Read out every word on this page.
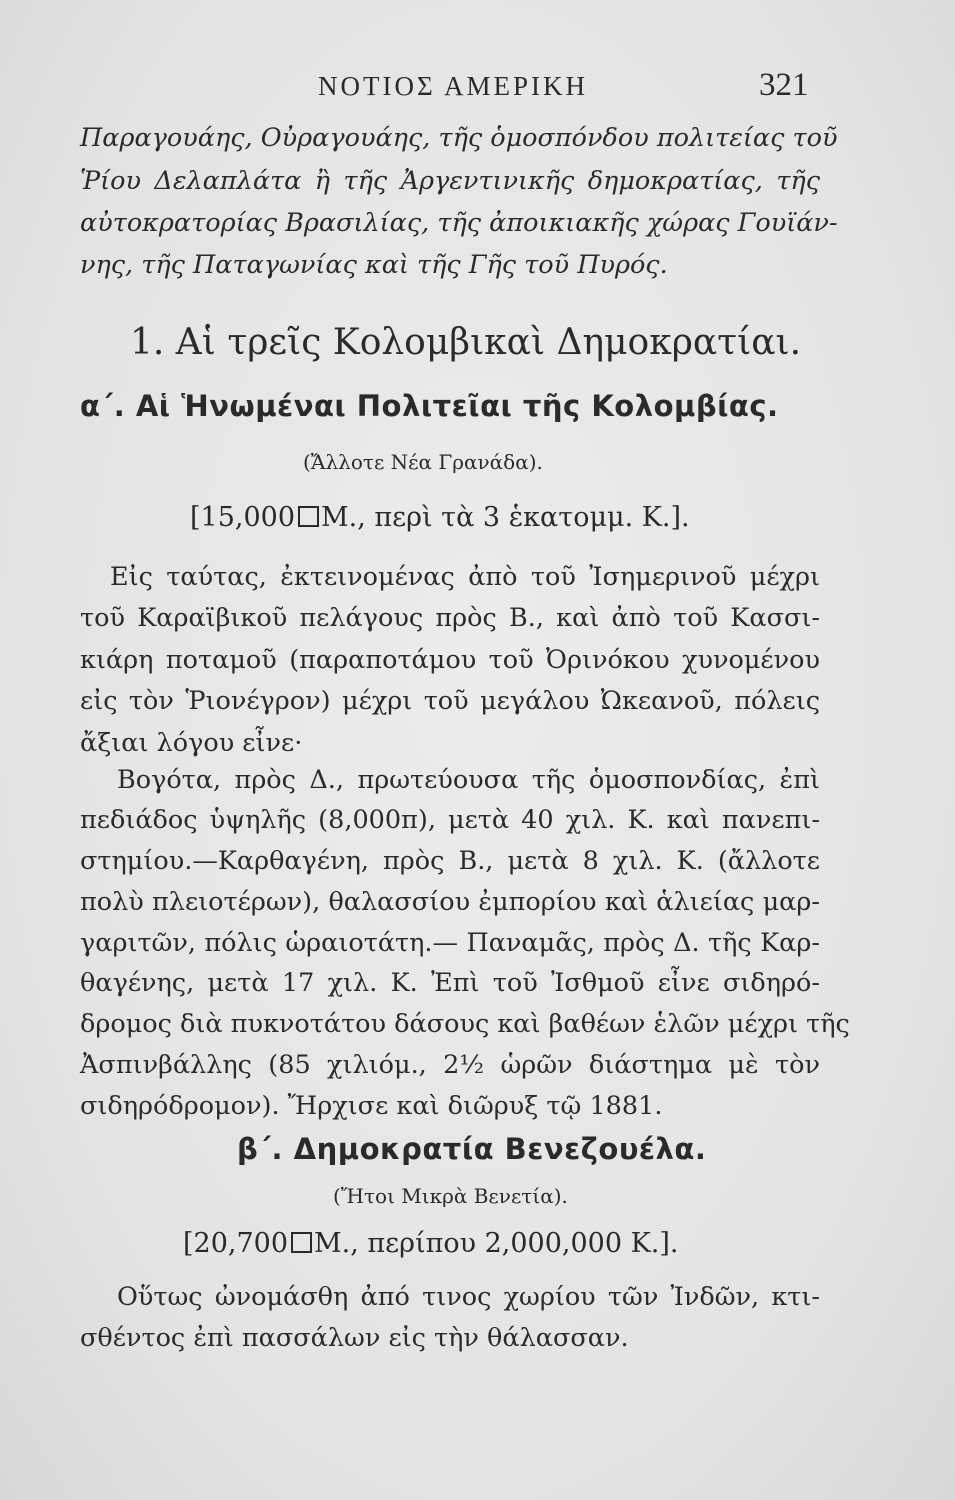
ΝΟΤΙΟΣ ΑΜΕΡΙΚΗ	321
Παραγουάης, Οὐραγουάης, τῆς ὁμοσπόνδου πολιτείας τοῦ
Ῥίου Δελαπλάτα ἢ τῆς Ἀργεντινικῆς δημοκρατίας, τῆς
αὐτοκρατορίας Βρασιλίας, τῆς ἀποικιακῆς χώρας Γουϊάν-
νης, τῆς Παταγωνίας καὶ τῆς Γῆς τοῦ Πυρός.
1. Αἱ τρεῖς Κολομβικαὶ Δημοκρατίαι.
α΄. Αἱ Ἡνωμέναι Πολιτεῖαι τῆς Κολομβίας.
(Ἄλλοτε Νέα Γρανάδα).
[15,000 Μ., περὶ τὰ 3 ἑκατομμ. Κ.].
Εἰς ταύτας, ἐκτεινομένας ἀπὸ τοῦ Ἰσημερινοῦ μέχρι
τοῦ Καραϊβικοῦ πελάγους πρὸς Β., καὶ ἀπὸ τοῦ Κασσι-
κιάρη ποταμοῦ (παραποτάμου τοῦ Ὀρινόκου χυνομένου
εἰς τὸν Ῥιονέγρον) μέχρι τοῦ μεγάλου Ὠκεανοῦ, πόλεις
ἄξιαι λόγου εἶνε·
Βογότα, πρὸς Δ., πρωτεύουσα τῆς ὁμοσπονδίας, ἐπὶ
πεδιάδος ὑψηλῆς (8,000π), μετὰ 40 χιλ. Κ. καὶ πανεπι-
στημίου.—Καρθαγένη, πρὸς Β., μετὰ 8 χιλ. Κ. (ἄλλοτε
πολὺ πλειοτέρων), θαλασσίου ἐμπορίου καὶ ἁλιείας μαρ-
γαριτῶν, πόλις ὡραιοτάτη.— Παναμᾶς, πρὸς Δ. τῆς Καρ-
θαγένης, μετὰ 17 χιλ. Κ. Ἐπὶ τοῦ Ἰσθμοῦ εἶνε σιδηρό-
δρομος διὰ πυκνοτάτου δάσους καὶ βαθέων ἑλῶν μέχρι τῆς
Ἀσπινβάλλης (85 χιλιόμ., 2½ ὡρῶν διάστημα μὲ τὸν
σιδηρόδρομον). Ἤρχισε καὶ διῶρυξ τῷ 1881.
β΄. Δημοκρατία Βενεζουέλα.
(Ἤτοι Μικρὰ Βενετία).
[20,700 Μ., περίπου 2,000,000 Κ.].
Οὕτως ὠνομάσθη ἀπό τινος χωρίου τῶν Ἰνδῶν, κτι-
σθέντος ἐπὶ πασσάλων εἰς τὴν θάλασσαν.
